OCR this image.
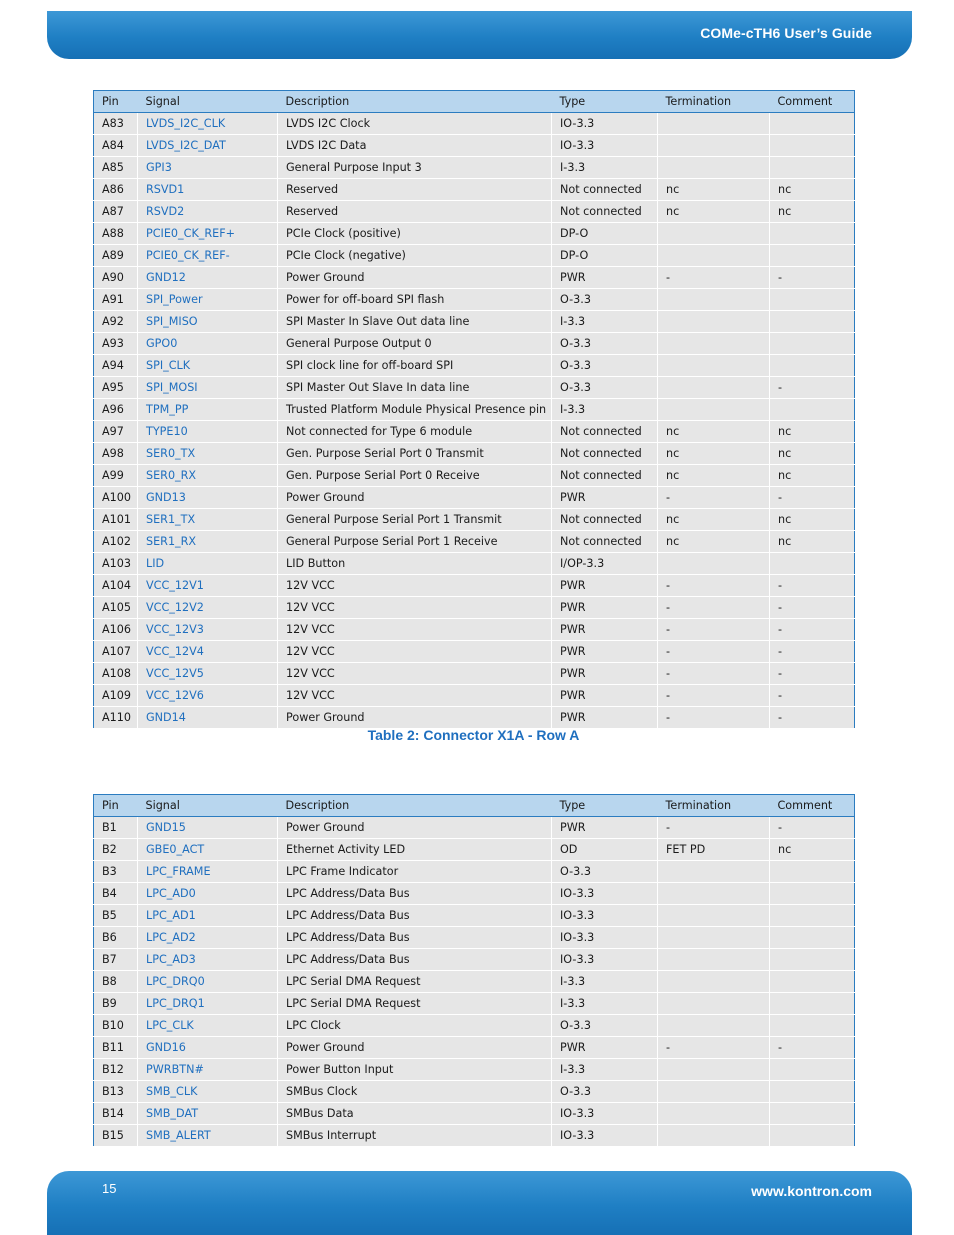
COMe-cTH6 User’s Guide
Pin	Signal	Description	Type	Termination	Comment
A83	LVDS_I2C_CLK	LVDS I2C Clock	IO-3.3		
A84	LVDS_I2C_DAT	LVDS I2C Data	IO-3.3		
A85	GPI3	General Purpose Input 3	I-3.3		
A86	RSVD1	Reserved	Not connected	nc	nc
A87	RSVD2	Reserved	Not connected	nc	nc
A88	PCIE0_CK_REF+	PCIe Clock (positive)	DP-O		
A89	PCIE0_CK_REF-	PCIe Clock (negative)	DP-O		
A90	GND12	Power Ground	PWR	-	-
A91	SPI_Power	Power for off-board SPI flash	O-3.3		
A92	SPI_MISO	SPI Master In Slave Out data line	I-3.3		
A93	GPO0	General Purpose Output 0	O-3.3		
A94	SPI_CLK	SPI clock line for off-board SPI	O-3.3		
A95	SPI_MOSI	SPI Master Out Slave In data line	O-3.3		-
A96	TPM_PP	Trusted Platform Module Physical Presence pin	I-3.3		
A97	TYPE10	Not connected for Type 6 module	Not connected	nc	nc
A98	SER0_TX	Gen. Purpose Serial Port 0 Transmit	Not connected	nc	nc
A99	SER0_RX	Gen. Purpose Serial Port 0 Receive	Not connected	nc	nc
A100	GND13	Power Ground	PWR	-	-
A101	SER1_TX	General Purpose Serial Port 1 Transmit	Not connected	nc	nc
A102	SER1_RX	General Purpose Serial Port 1 Receive	Not connected	nc	nc
A103	LID	LID Button	I/OP-3.3		
A104	VCC_12V1	12V VCC	PWR	-	-
A105	VCC_12V2	12V VCC	PWR	-	-
A106	VCC_12V3	12V VCC	PWR	-	-
A107	VCC_12V4	12V VCC	PWR	-	-
A108	VCC_12V5	12V VCC	PWR	-	-
A109	VCC_12V6	12V VCC	PWR	-	-
A110	GND14	Power Ground	PWR	-	-
Table 2: Connector X1A - Row A
Pin	Signal	Description	Type	Termination	Comment
B1	GND15	Power Ground	PWR	-	-
B2	GBE0_ACT	Ethernet Activity LED	OD	FET PD	nc
B3	LPC_FRAME	LPC Frame Indicator	O-3.3		
B4	LPC_AD0	LPC Address/Data Bus	IO-3.3		
B5	LPC_AD1	LPC Address/Data Bus	IO-3.3		
B6	LPC_AD2	LPC Address/Data Bus	IO-3.3		
B7	LPC_AD3	LPC Address/Data Bus	IO-3.3		
B8	LPC_DRQ0	LPC Serial DMA Request	I-3.3		
B9	LPC_DRQ1	LPC Serial DMA Request	I-3.3		
B10	LPC_CLK	LPC Clock	O-3.3		
B11	GND16	Power Ground	PWR	-	-
B12	PWRBTN#	Power Button Input	I-3.3		
B13	SMB_CLK	SMBus Clock	O-3.3		
B14	SMB_DAT	SMBus Data	IO-3.3		
B15	SMB_ALERT	SMBus Interrupt	IO-3.3		
15	www.kontron.com
